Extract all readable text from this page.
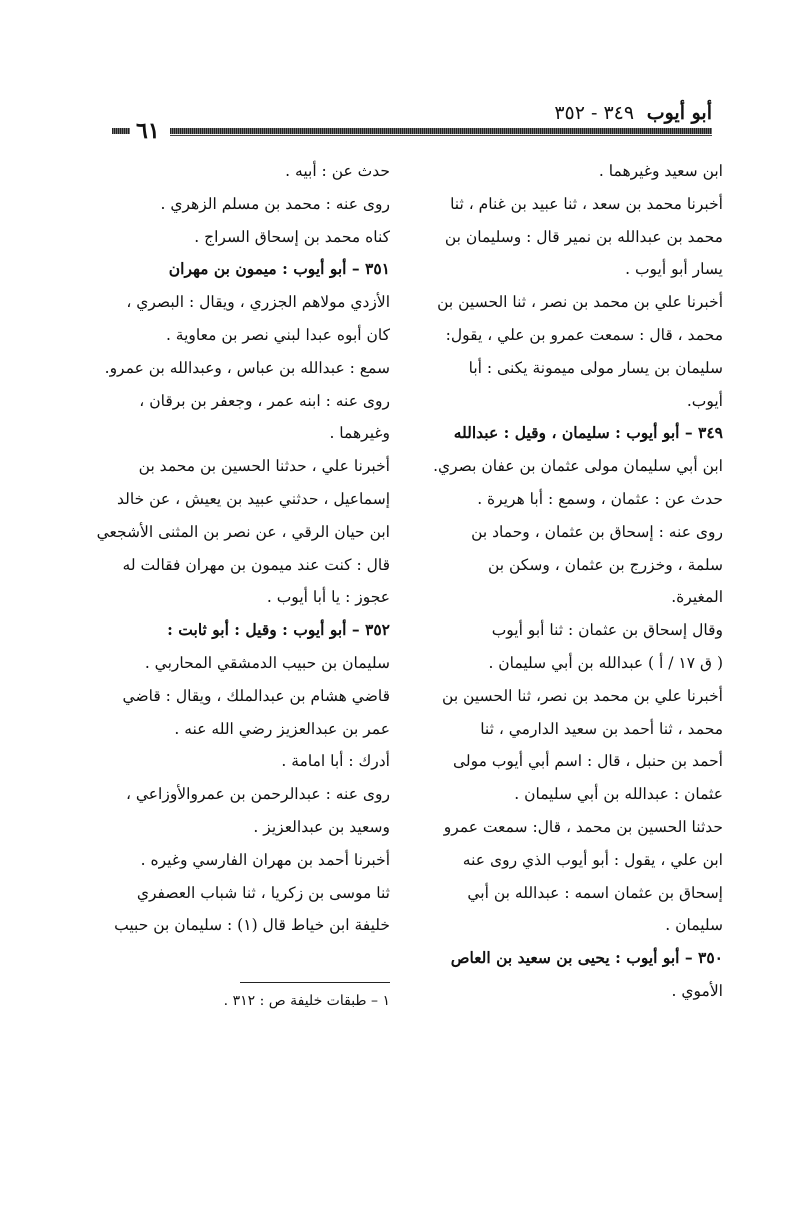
أبو أيوب ٣٤٩ - ٣٥٢
٦١
ابن سعيد وغيرهما .
أخبرنا محمد بن سعد ، ثنا عبيد بن غنام ، ثنا
محمد بن عبدالله بن نمير قال : وسليمان بن
يسار أبو أيوب .
أخبرنا علي بن محمد بن نصر ، ثنا الحسين بن
محمد ، قال : سمعت عمرو بن علي ، يقول:
سليمان بن يسار مولى ميمونة يكنى : أبا
أيوب.
٣٤٩ – أبو أيوب : سليمان ، وقيل : عبدالله
ابن أبي سليمان مولى عثمان بن عفان بصري.
حدث عن : عثمان ، وسمع : أبا هريرة .
روى عنه : إسحاق بن عثمان ، وحماد بن
سلمة ، وخزرج بن عثمان ، وسكن بن
المغيرة.
وقال إسحاق بن عثمان : ثنا أبو أيوب
( ق ١٧ / أ ) عبدالله بن أبي سليمان .
أخبرنا علي بن محمد بن نصر، ثنا الحسين بن
محمد ، ثنا أحمد بن سعيد الدارمي ، ثنا
أحمد بن حنبل ، قال : اسم أبي أيوب مولى
عثمان : عبدالله بن أبي سليمان .
حدثنا الحسين بن محمد ، قال: سمعت عمرو
ابن علي ، يقول : أبو أيوب الذي روى عنه
إسحاق بن عثمان اسمه : عبدالله بن أبي
سليمان .
٣٥٠ – أبو أيوب : يحيى بن سعيد بن العاص
الأموي .
حدث عن : أبيه .
روى عنه : محمد بن مسلم الزهري .
كناه محمد بن إسحاق السراج .
٣٥١ – أبو أيوب : ميمون بن مهران
الأزدي مولاهم الجزري ، ويقال : البصري ،
كان أبوه عبدا لبني نصر بن معاوية .
سمع : عبدالله بن عباس ، وعبدالله بن عمرو.
روى عنه : ابنه عمر ، وجعفر بن برقان ،
وغيرهما .
أخبرنا علي ، حدثنا الحسين بن محمد بن
إسماعيل ، حدثني عبيد بن يعيش ، عن خالد
ابن حيان الرقي ، عن نصر بن المثنى الأشجعي
قال : كنت عند ميمون بن مهران فقالت له
عجوز : يا أبا أيوب .
٣٥٢ – أبو أيوب : وقيل : أبو ثابت :
سليمان بن حبيب الدمشقي المحاربي .
قاضي هشام بن عبدالملك ، ويقال : قاضي
عمر بن عبدالعزيز رضي الله عنه .
أدرك : أبا امامة .
روى عنه : عبدالرحمن بن عمروالأوزاعي ،
وسعيد بن عبدالعزيز .
أخبرنا أحمد بن مهران الفارسي وغيره .
ثنا موسى بن زكريا ، ثنا شباب العصفري
خليفة ابن خياط قال (١) : سليمان بن حبيب
١ – طبقات خليفة ص : ٣١٢ .
